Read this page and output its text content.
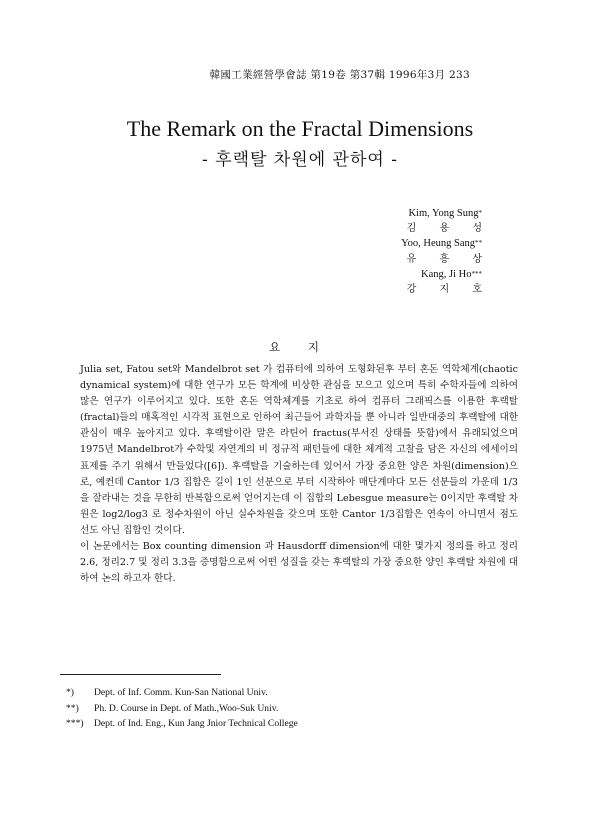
韓國工業經營學會誌 第19卷 第37輯 1996年3月 233
The Remark on the Fractal Dimensions
- 후랙탈 차원에 관하여 -
Kim, Yong Sung*
김 용 성
Yoo, Heung Sang**
유 흥 상
Kang, Ji Ho***
강 지 호
요 지

Julia set, Fatou set와 Mandelbrot set 가 컴퓨터에 의하여 도형화된후 부터 혼돈 역학체계(chaotic dynamical system)에 대한 연구가 모든 학계에 비상한 관심을 모으고 있으며 특히 수학자들에 의하여 많은 연구가 이루어지고 있다. 또한 혼돈 역학체계를 기초로 하여 컴퓨터 그래픽스를 이용한 후랙탈(fractal)들의 매혹적인 시각적 표현으로 인하여 최근들어 과학자들 뿐 아니라 일반대중의 후랙탈에 대한 관심이 매우 높아지고 있다. 후랙탈이란 말은 라틴어 fractus(부서진 상태를 뜻함)에서 유래되었으며 1975년 Mandelbrot가 수학및 자연계의 비 정규적 패턴들에 대한 체계적 고찰을 담은 자신의 에세이의 표제를 주기 위해서 만들었다([6]). 후랙탈을 기술하는데 있어서 가장 중요한 양은 차원(dimension)으로, 예컨데 Cantor 1/3 집합은 길이 1인 선분으로 부터 시작하아 매단계마다 모든 선분들의 가운데 1/3을 잘라내는 것을 무한히 반복함으로써 얻어지는데 이 집합의 Lebesgue measure는 0이지만 후랙탈 차원은 log2/log3 로 정수차원이 아닌 실수차원을 갖으며 또한 Cantor 1/3집합은 연속이 아니면서 점도 선도 아닌 집합인 것이다.

이 논문에서는 Box counting dimension 과 Hausdorff dimension에 대한 몇가지 정의를 하고 정리 2.6, 정리2.7 및 정리 3.3을 증명함으로써 어떤 성질을 갖는 후랙탈의 가장 중요한 양인 후랙탈 차원에 대하여 논의 하고자 한다.

*)	Dept. of Inf. Comm. Kun-San National Univ.
**)	Ph. D. Course in Dept. of Math.,Woo-Suk Univ.
***)	Dept. of Ind. Eng., Kun Jang Jnior Technical College
